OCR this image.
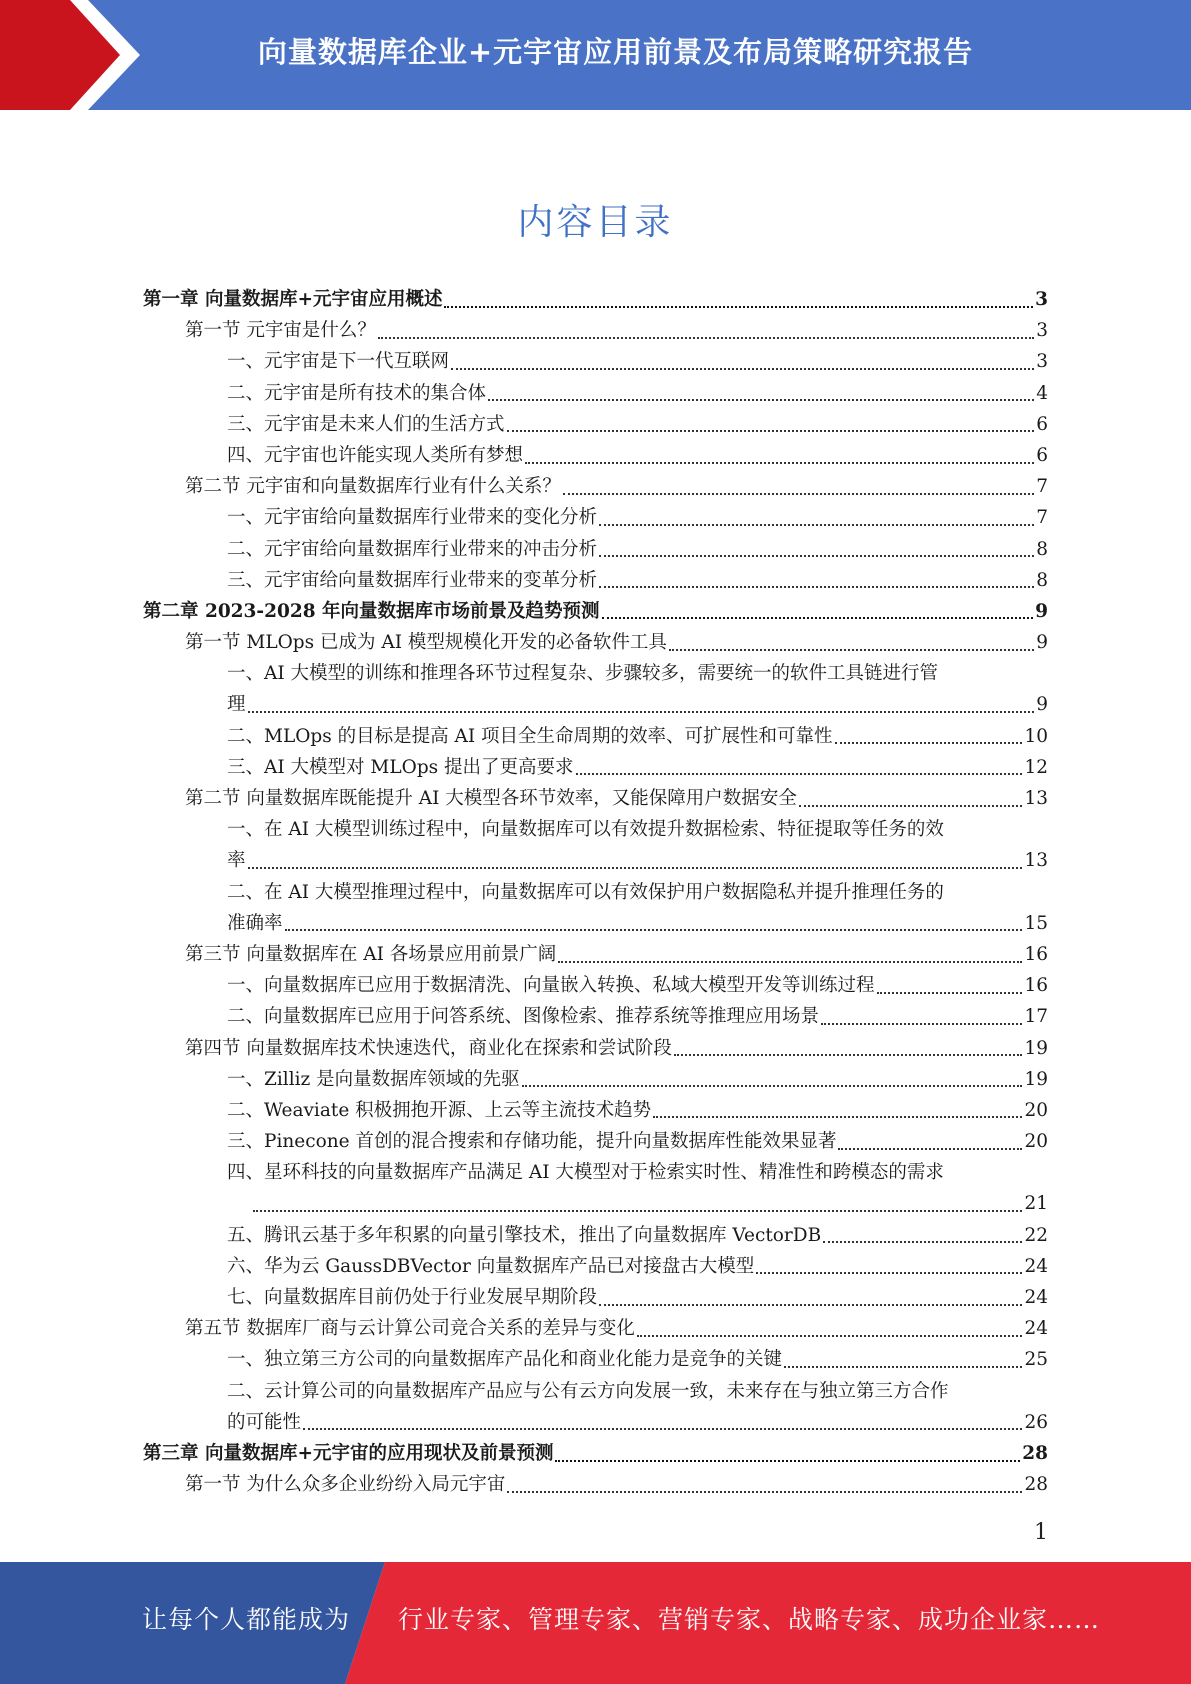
向量数据库企业+元宇宙应用前景及布局策略研究报告
内容目录
第一章 向量数据库+元宇宙应用概述	3
第一节 元宇宙是什么？	3
一、元宇宙是下一代互联网	3
二、元宇宙是所有技术的集合体	4
三、元宇宙是未来人们的生活方式	6
四、元宇宙也许能实现人类所有梦想	6
第二节 元宇宙和向量数据库行业有什么关系？	7
一、元宇宙给向量数据库行业带来的变化分析	7
二、元宇宙给向量数据库行业带来的冲击分析	8
三、元宇宙给向量数据库行业带来的变革分析	8
第二章 2023-2028 年向量数据库市场前景及趋势预测	9
第一节 MLOps 已成为 AI 模型规模化开发的必备软件工具	9
一、AI 大模型的训练和推理各环节过程复杂、步骤较多，需要统一的软件工具链进行管
理	9
二、MLOps 的目标是提高 AI 项目全生命周期的效率、可扩展性和可靠性	10
三、AI 大模型对 MLOps 提出了更高要求	12
第二节 向量数据库既能提升 AI 大模型各环节效率，又能保障用户数据安全	13
一、在 AI 大模型训练过程中，向量数据库可以有效提升数据检索、特征提取等任务的效
率	13
二、在 AI 大模型推理过程中，向量数据库可以有效保护用户数据隐私并提升推理任务的
准确率	15
第三节 向量数据库在 AI 各场景应用前景广阔	16
一、向量数据库已应用于数据清洗、向量嵌入转换、私域大模型开发等训练过程	16
二、向量数据库已应用于问答系统、图像检索、推荐系统等推理应用场景	17
第四节 向量数据库技术快速迭代，商业化在探索和尝试阶段	19
一、Zilliz 是向量数据库领域的先驱	19
二、Weaviate 积极拥抱开源、上云等主流技术趋势	20
三、Pinecone 首创的混合搜索和存储功能，提升向量数据库性能效果显著	20
四、星环科技的向量数据库产品满足 AI 大模型对于检索实时性、精准性和跨模态的需求
21
五、腾讯云基于多年积累的向量引擎技术，推出了向量数据库 VectorDB	22
六、华为云 GaussDBVector 向量数据库产品已对接盘古大模型	24
七、向量数据库目前仍处于行业发展早期阶段	24
第五节 数据库厂商与云计算公司竞合关系的差异与变化	24
一、独立第三方公司的向量数据库产品化和商业化能力是竞争的关键	25
二、云计算公司的向量数据库产品应与公有云方向发展一致，未来存在与独立第三方合作
的可能性	26
第三章 向量数据库+元宇宙的应用现状及前景预测	28
第一节 为什么众多企业纷纷入局元宇宙	28
1
让每个人都能成为 行业专家、管理专家、营销专家、战略专家、成功企业家……
